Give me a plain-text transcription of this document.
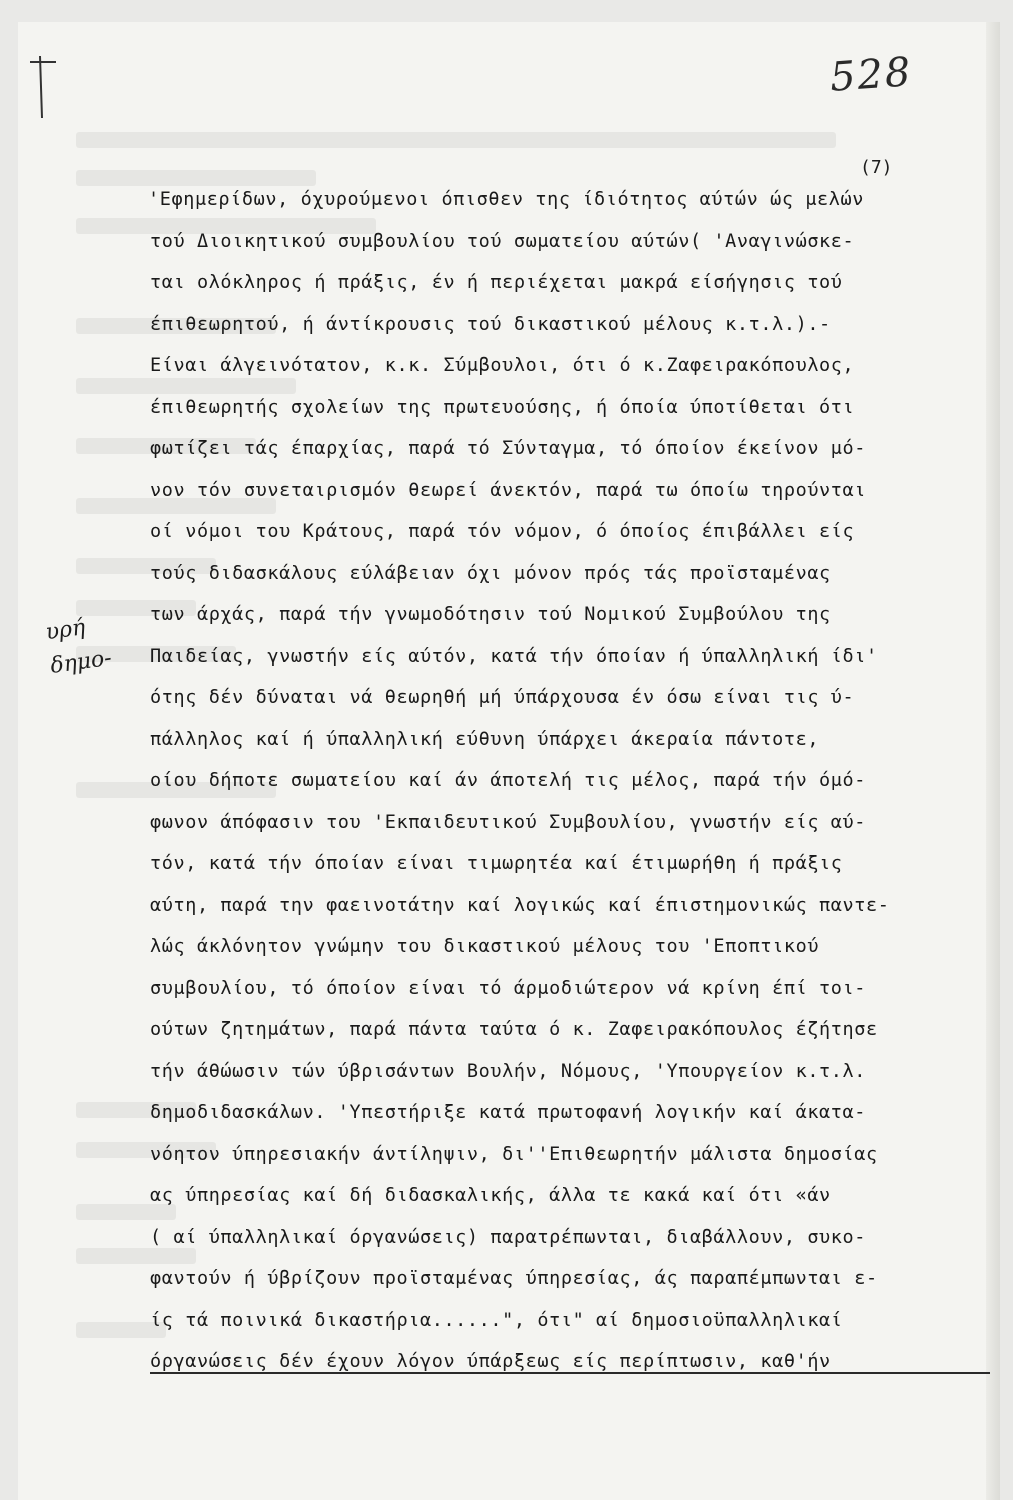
528
(7)
υρή
δημο-
'Εφημερίδων, όχυρούμενοι όπισθεν της ίδιότητος αύτών ώς μελών
τού Διοικητικού συμβουλίου τού σωματείου αύτών( 'Αναγινώσκε-
ται ολόκληρος ή πράξις, έν ή περιέχεται μακρά είσήγησις τού
έπιθεωρητού, ή άντίκρουσις τού δικαστικού μέλους κ.τ.λ.).-
Είναι άλγεινότατον, κ.κ. Σύμβουλοι, ότι ό κ.Ζαφειρακόπουλος,
έπιθεωρητής σχολείων της πρωτευούσης, ή όποία ύποτίθεται ότι
φωτίζει τάς έπαρχίας, παρά τό Σύνταγμα, τό όποίον έκείνον μό-
νον τόν συνεταιρισμόν θεωρεί άνεκτόν, παρά τω όποίω τηρούνται
οί νόμοι του Κράτους, παρά τόν νόμον, ό όποίος έπιβάλλει είς
τούς διδασκάλους εύλάβειαν όχι μόνον πρός τάς προϊσταμένας
των άρχάς, παρά τήν γνωμοδότησιν τού Νομικού Συμβούλου της
Παιδείας, γνωστήν είς αύτόν, κατά τήν όποίαν ή ύπαλληλική ίδι'
ότης δέν δύναται νά θεωρηθή μή ύπάρχουσα έν όσω είναι τις ύ-
πάλληλος καί ή ύπαλληλική εύθυνη ύπάρχει άκεραία πάντοτε,
οίου δήποτε σωματείου καί άν άποτελή τις μέλος, παρά τήν όμό-
φωνον άπόφασιν του 'Εκπαιδευτικού Συμβουλίου, γνωστήν είς αύ-
τόν, κατά τήν όποίαν είναι τιμωρητέα καί έτιμωρήθη ή πράξις
αύτη, παρά την φαεινοτάτην καί λογικώς καί έπιστημονικώς παντε-
λώς άκλόνητον γνώμην του δικαστικού μέλους του 'Εποπτικού
συμβουλίου, τό όποίον είναι τό άρμοδιώτερον νά κρίνη έπί τοι-
ούτων ζητημάτων, παρά πάντα ταύτα ό κ. Ζαφειρακόπουλος έζήτησε
τήν άθώωσιν τών ύβρισάντων Βουλήν, Νόμους, 'Υπουργείον κ.τ.λ.
δημοδιδασκάλων. 'Υπεστήριξε κατά πρωτοφανή λογικήν καί άκατα-
νόητον ύπηρεσιακήν άντίληψιν, δι''Επιθεωρητήν μάλιστα δημοσίας
ας ύπηρεσίας καί δή διδασκαλικής, άλλα τε κακά καί ότι «άν
( αί ύπαλληλικαί όργανώσεις) παρατρέπωνται, διαβάλλουν, συκο-
φαντούν ή ύβρίζουν προϊσταμένας ύπηρεσίας, άς παραπέμπωνται ε-
ίς τά ποινικά δικαστήρια......", ότι" αί δημοσιοϋπαλληλικαί
όργανώσεις δέν έχουν λόγον ύπάρξεως είς περίπτωσιν, καθ'ήν
